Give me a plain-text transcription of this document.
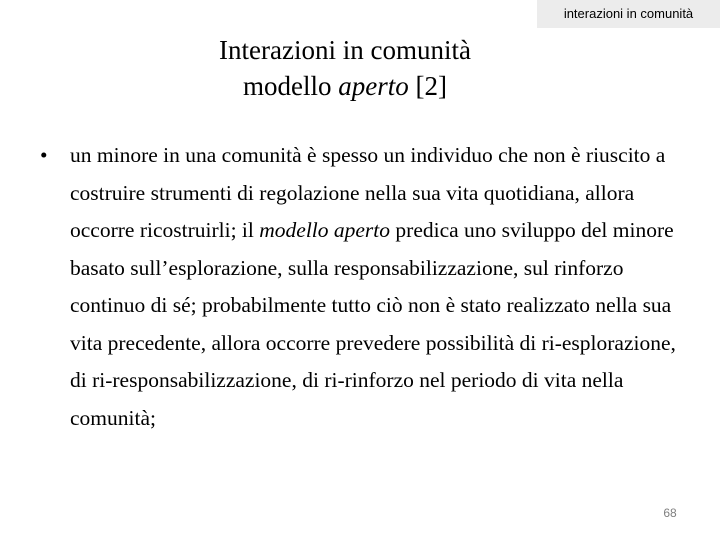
interazioni in comunità
Interazioni in comunità
modello aperto [2]
•	un minore in una comunità è spesso un individuo che non è riuscito a costruire strumenti di regolazione nella sua vita quotidiana, allora occorre ricostruirli; il modello aperto predica uno sviluppo del minore basato sull’esplorazione, sulla responsabilizzazione, sul rinforzo continuo di sé; probabilmente tutto ciò non è stato realizzato nella sua vita precedente, allora occorre prevedere possibilità di ri-esplorazione, di ri-responsabilizzazione, di ri-rinforzo nel periodo di vita nella comunità;
68
